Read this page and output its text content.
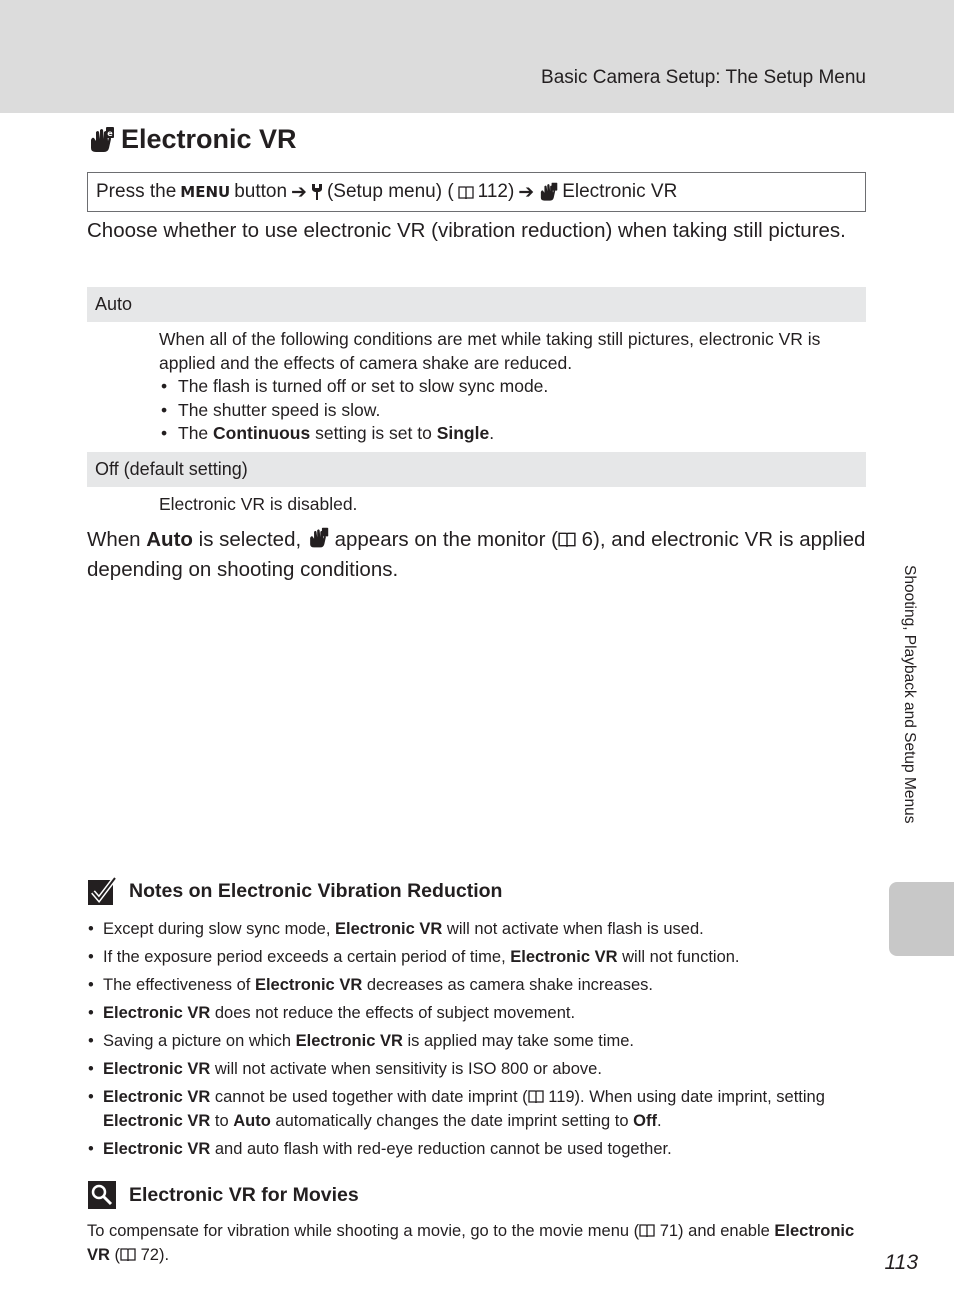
Basic Camera Setup: The Setup Menu
e Electronic VR
Press the MENU button ➔ (Setup menu) ( 112) ➔ Electronic VR
Choose whether to use electronic VR (vibration reduction) when taking still pictures.
Auto
When all of the following conditions are met while taking still pictures, electronic VR is applied and the effects of camera shake are reduced.
• The flash is turned off or set to slow sync mode.
• The shutter speed is slow.
• The Continuous setting is set to Single.
Off (default setting)
Electronic VR is disabled.
When Auto is selected,  appears on the monitor ( 6), and electronic VR is applied depending on shooting conditions.	Shooting, Playback and Setup Menus
Notes on Electronic Vibration Reduction
• Except during slow sync mode, Electronic VR will not activate when flash is used.
• If the exposure period exceeds a certain period of time, Electronic VR will not function.
• The effectiveness of Electronic VR decreases as camera shake increases.
• Electronic VR does not reduce the effects of subject movement.
• Saving a picture on which Electronic VR is applied may take some time.
• Electronic VR will not activate when sensitivity is ISO 800 or above.
• Electronic VR cannot be used together with date imprint ( 119). When using date imprint, setting Electronic VR to Auto automatically changes the date imprint setting to Off.
• Electronic VR and auto flash with red-eye reduction cannot be used together.
Electronic VR for Movies
To compensate for vibration while shooting a movie, go to the movie menu ( 71) and enable Electronic VR ( 72).	113
